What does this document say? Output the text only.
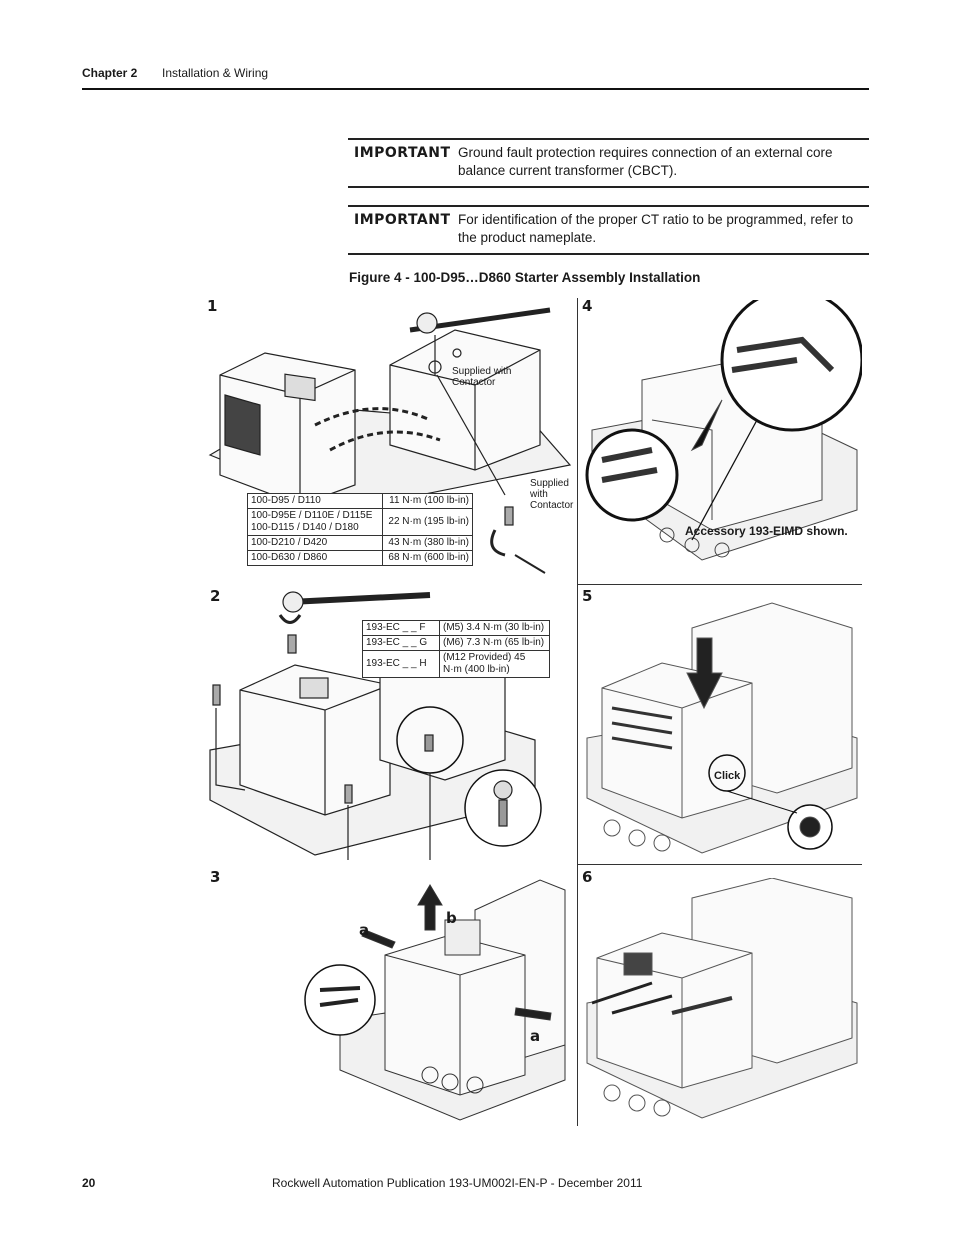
Chapter 2 Installation & Wiring
IMPORTANT Ground fault protection requires connection of an external core balance current transformer (CBCT).
IMPORTANT For identification of the proper CT ratio to be programmed, refer to the product nameplate.
Figure 4 - 100-D95…D860 Starter Assembly Installation
1	4
2	5
3	6
Supplied with Contactor
Supplied with Contactor
100-D95 / D110	11 N·m (100 lb-in)
100-D95E / D110E / D115E 100-D115 / D140 / D180	22 N·m (195 lb-in)
100-D210 / D420	43 N·m (380 lb-in)
100-D630 / D860	68 N·m (600 lb-in)
Accessory 193-EIMD shown.
193-EC _ _ F	(M5) 3.4 N·m (30 lb-in)
193-EC _ _ G	(M6) 7.3 N·m (65 lb-in)
193-EC _ _ H	(M12 Provided) 45 N·m (400 lb-in)
Click
a
b
a
20	Rockwell Automation Publication 193-UM002I-EN-P - December 2011
